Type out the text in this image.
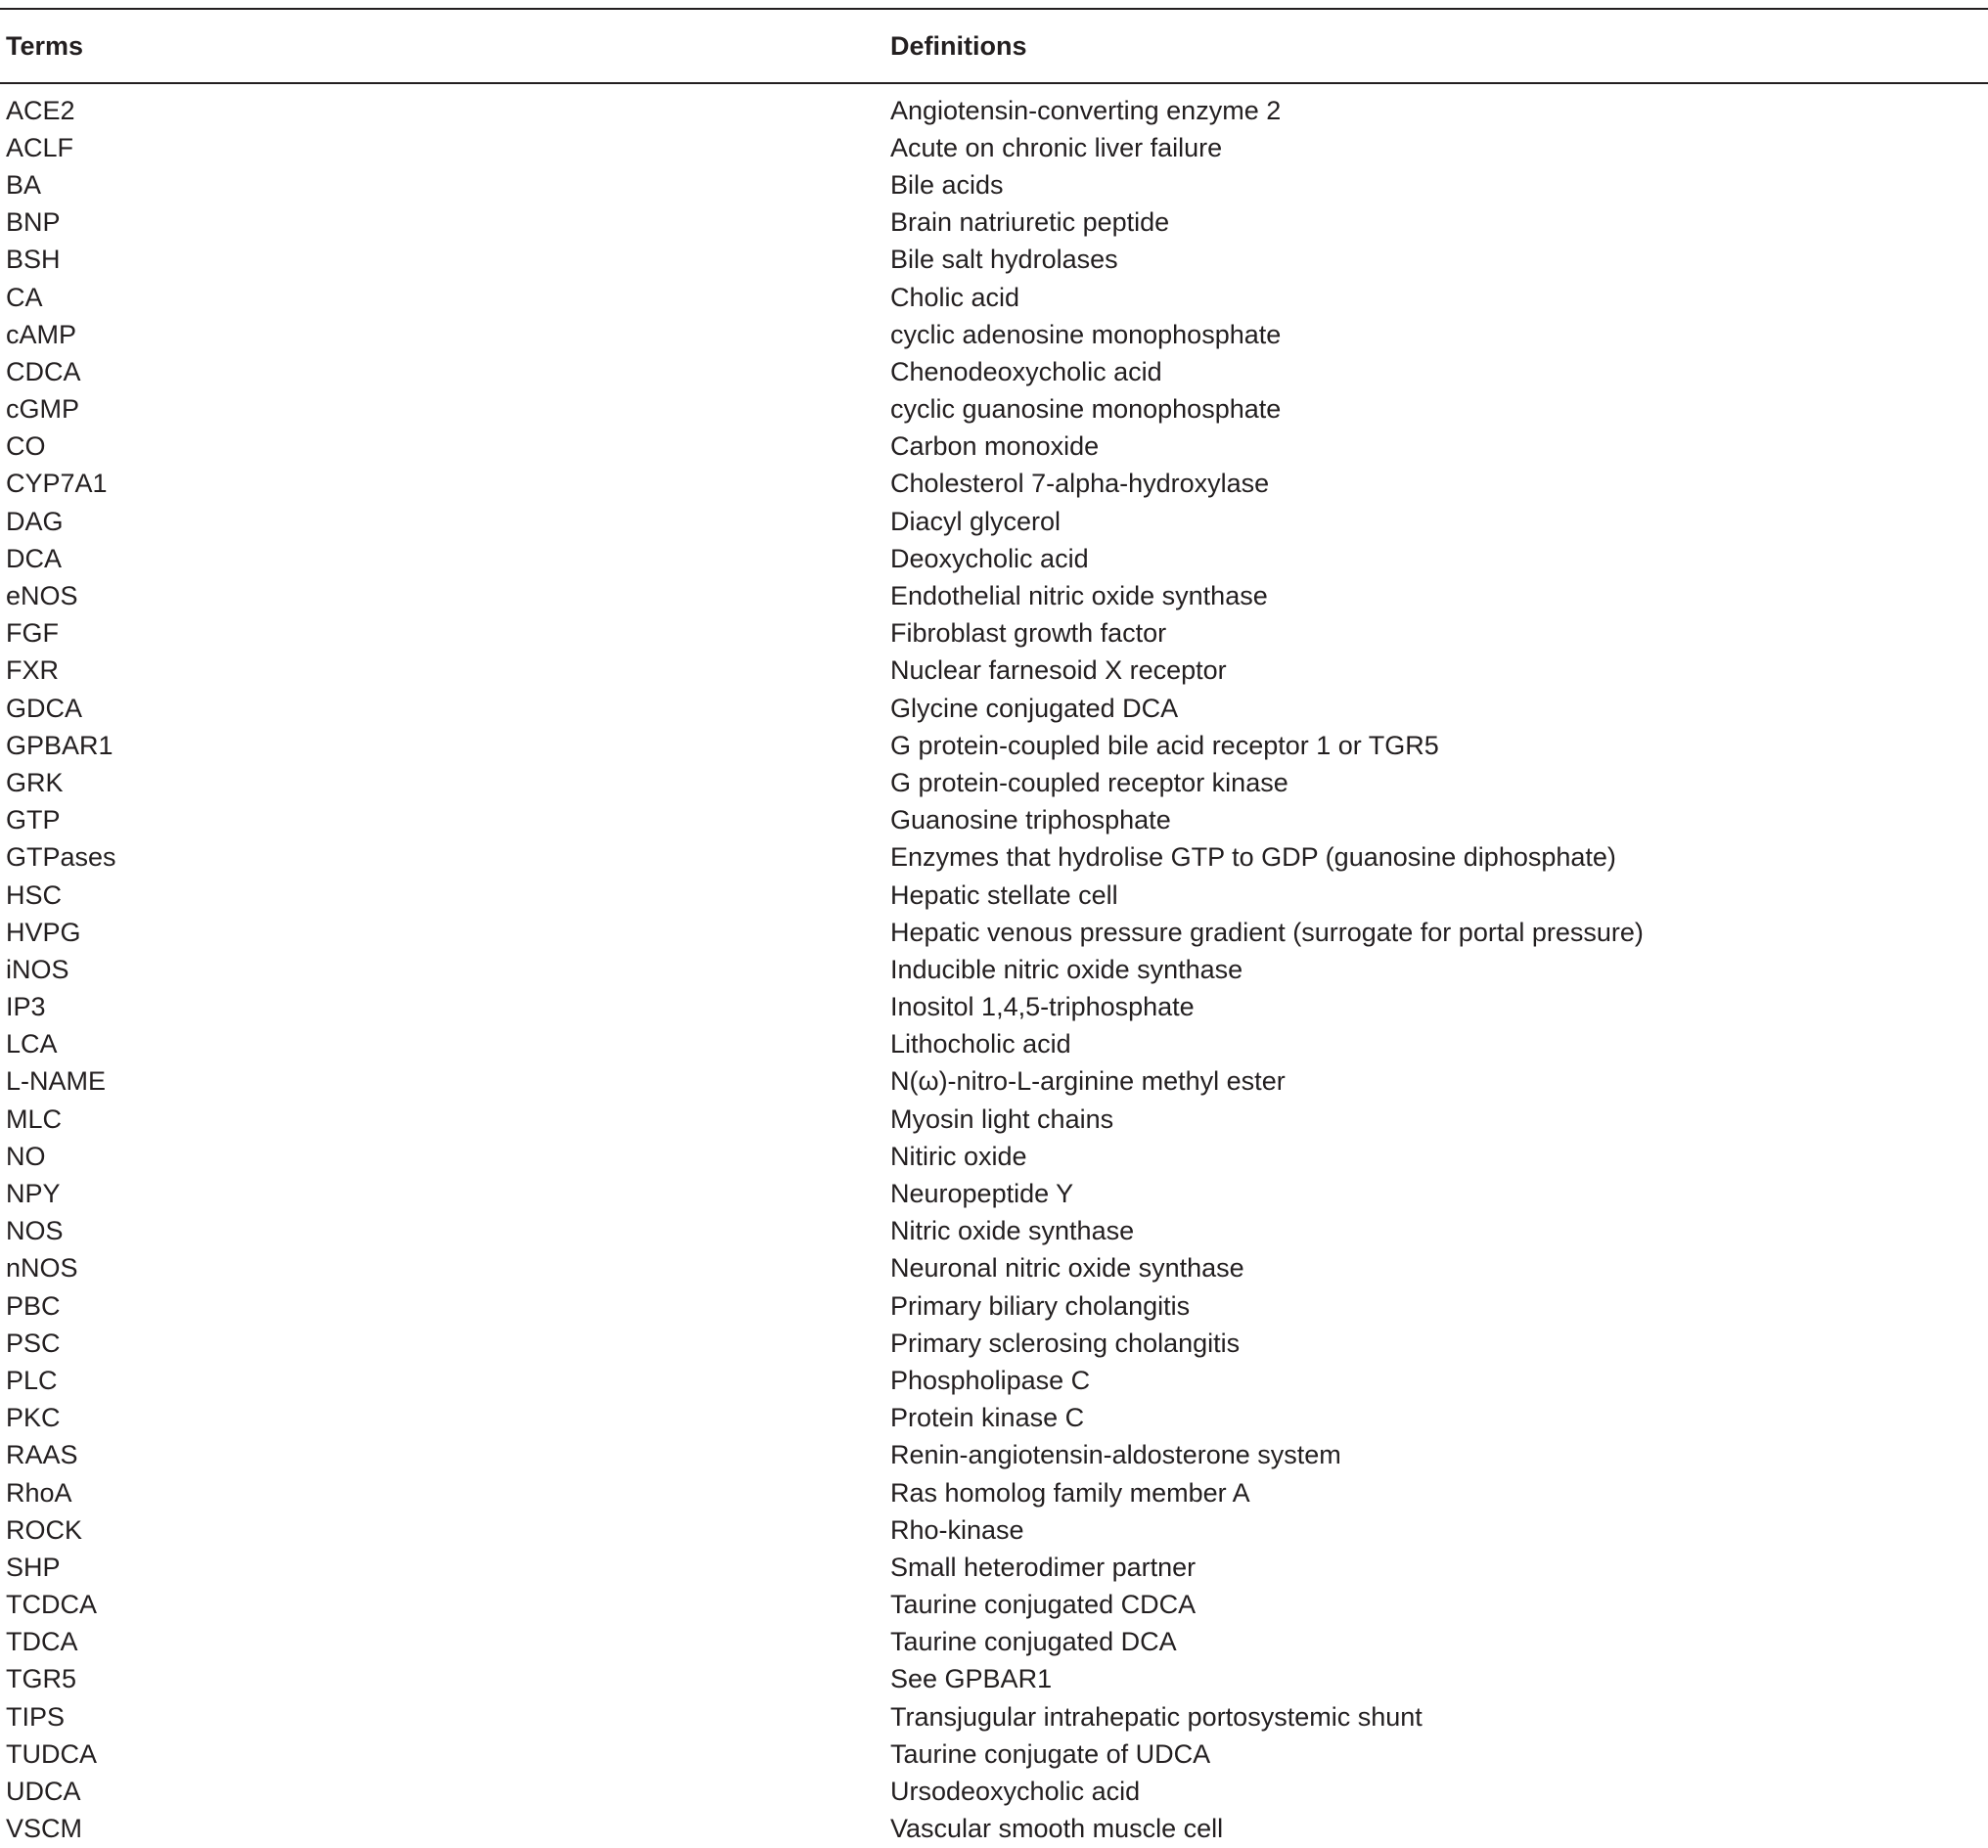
Terms	Definitions
ACE2	Angiotensin-converting enzyme 2
ACLF	Acute on chronic liver failure
BA	Bile acids
BNP	Brain natriuretic peptide
BSH	Bile salt hydrolases
CA	Cholic acid
cAMP	cyclic adenosine monophosphate
CDCA	Chenodeoxycholic acid
cGMP	cyclic guanosine monophosphate
CO	Carbon monoxide
CYP7A1	Cholesterol 7-alpha-hydroxylase
DAG	Diacyl glycerol
DCA	Deoxycholic acid
eNOS	Endothelial nitric oxide synthase
FGF	Fibroblast growth factor
FXR	Nuclear farnesoid X receptor
GDCA	Glycine conjugated DCA
GPBAR1	G protein-coupled bile acid receptor 1 or TGR5
GRK	G protein-coupled receptor kinase
GTP	Guanosine triphosphate
GTPases	Enzymes that hydrolise GTP to GDP (guanosine diphosphate)
HSC	Hepatic stellate cell
HVPG	Hepatic venous pressure gradient (surrogate for portal pressure)
iNOS	Inducible nitric oxide synthase
IP3	Inositol 1,4,5-triphosphate
LCA	Lithocholic acid
L-NAME	N(ω)-nitro-L-arginine methyl ester
MLC	Myosin light chains
NO	Nitiric oxide
NPY	Neuropeptide Y
NOS	Nitric oxide synthase
nNOS	Neuronal nitric oxide synthase
PBC	Primary biliary cholangitis
PSC	Primary sclerosing cholangitis
PLC	Phospholipase C
PKC	Protein kinase C
RAAS	Renin-angiotensin-aldosterone system
RhoA	Ras homolog family member A
ROCK	Rho-kinase
SHP	Small heterodimer partner
TCDCA	Taurine conjugated CDCA
TDCA	Taurine conjugated DCA
TGR5	See GPBAR1
TIPS	Transjugular intrahepatic portosystemic shunt
TUDCA	Taurine conjugate of UDCA
UDCA	Ursodeoxycholic acid
VSCM	Vascular smooth muscle cell
